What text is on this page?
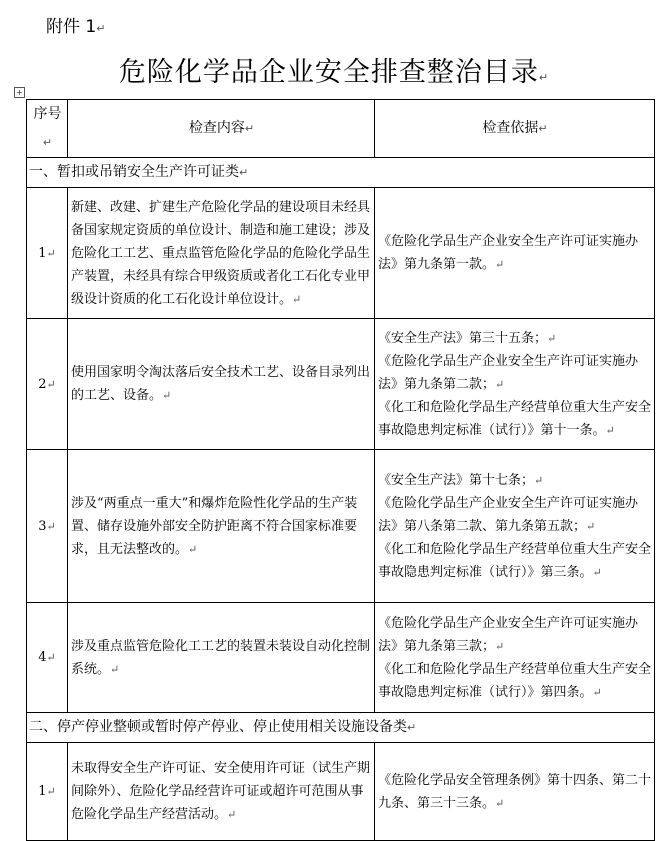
附件 1↵
危险化学品企业安全排查整治目录↵
+
序号↵	检查内容↵	检查依据↵
一、暂扣或吊销安全生产许可证类↵		
1↵	新建、改建、扩建生产危险化学品的建设项目未经具备国家规定资质的单位设计、制造和施工建设；涉及危险化工工艺、重点监管危险化学品的危险化学品生产装置，未经具有综合甲级资质或者化工石化专业甲级设计资质的化工石化设计单位设计。↵	《危险化学品生产企业安全生产许可证实施办法》第九条第一款。↵

2↵	使用国家明令淘汰落后安全技术工艺、设备目录列出的工艺、设备。↵	《安全生产法》第三十五条；↵
《危险化学品生产企业安全生产许可证实施办法》第九条第二款；↵
《化工和危险化学品生产经营单位重大生产安全事故隐患判定标准（试行）》第十一条。↵

3↵	涉及“两重点一重大”和爆炸危险性化学品的生产装置、储存设施外部安全防护距离不符合国家标准要求，且无法整改的。↵	《安全生产法》第十七条；↵
《危险化学品生产企业安全生产许可证实施办法》第八条第二款、第九条第五款；↵
《化工和危险化学品生产经营单位重大生产安全事故隐患判定标准（试行）》第三条。↵

4↵	涉及重点监管危险化工工艺的装置未装设自动化控制系统。↵	《危险化学品生产企业安全生产许可证实施办法》第九条第三款；↵
《化工和危险化学品生产经营单位重大生产安全事故隐患判定标准（试行）》第四条。↵

二、停产停业整顿或暂时停产停业、停止使用相关设施设备类↵		
1↵	未取得安全生产许可证、安全使用许可证（试生产期间除外）、危险化学品经营许可证或超许可范围从事危险化学品生产经营活动。↵	《危险化学品安全管理条例》第十四条、第二十九条、第三十三条。↵
